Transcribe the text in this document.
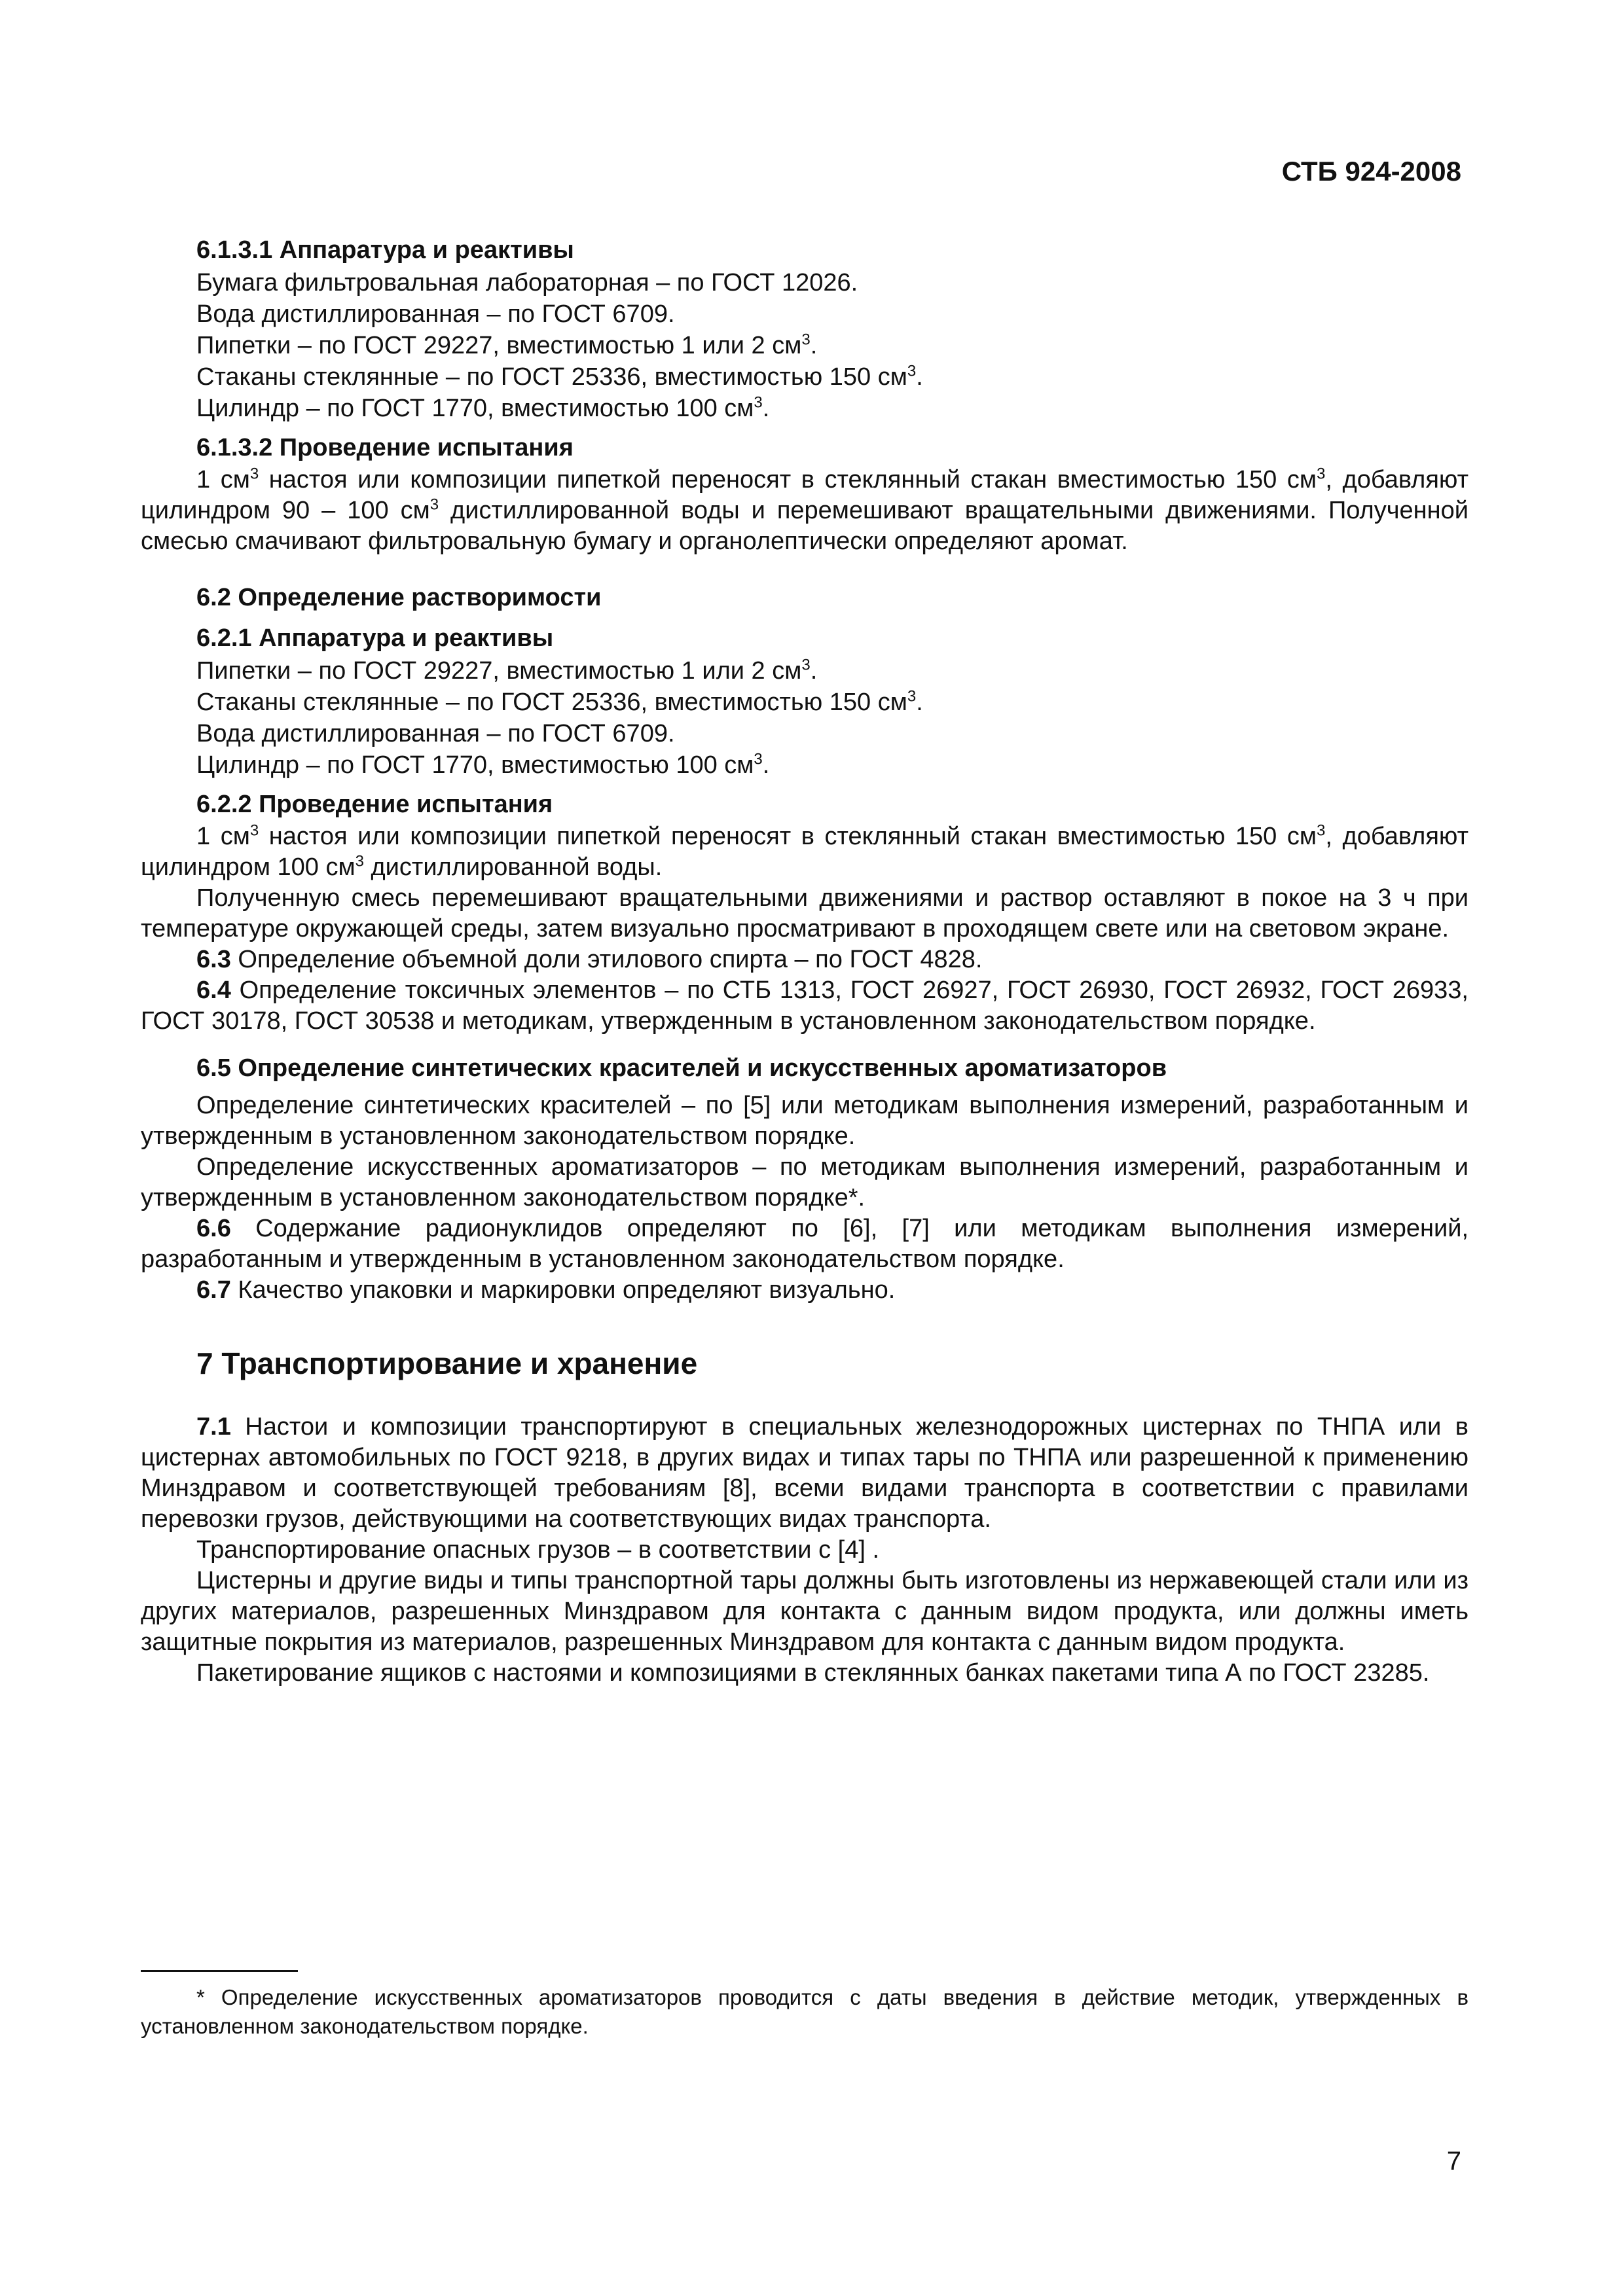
СТБ 924-2008
6.1.3.1 Аппаратура и реактивы
Бумага фильтровальная лабораторная – по ГОСТ 12026.
Вода дистиллированная – по ГОСТ 6709.
Пипетки – по ГОСТ 29227, вместимостью 1 или 2 $см^3$.
Стаканы стеклянные – по ГОСТ 25336, вместимостью 150 $см^3$.
Цилиндр – по ГОСТ 1770, вместимостью 100 $см^3$.
6.1.3.2 Проведение испытания
1 $см^3$ настоя или композиции пипеткой переносят в стеклянный стакан вместимостью 150 $см^3$, добавляют цилиндром 90 – 100 $см^3$ дистиллированной воды и перемешивают вращательными движениями. Полученной смесью смачивают фильтровальную бумагу и органолептически определяют аромат.
6.2 Определение растворимости
6.2.1 Аппаратура и реактивы
Пипетки – по ГОСТ 29227, вместимостью 1 или 2 $см^3$.
Стаканы стеклянные – по ГОСТ 25336, вместимостью 150 $см^3$.
Вода дистиллированная – по ГОСТ 6709.
Цилиндр – по ГОСТ 1770, вместимостью 100 $см^3$.
6.2.2 Проведение испытания
1 $см^3$ настоя или композиции пипеткой переносят в стеклянный стакан вместимостью 150 $см^3$, добавляют цилиндром 100 $см^3$ дистиллированной воды.
Полученную смесь перемешивают вращательными движениями и раствор оставляют в покое на 3 ч при температуре окружающей среды, затем визуально просматривают в проходящем свете или на световом экране.
6.3 Определение объемной доли этилового спирта – по ГОСТ 4828.
6.4 Определение токсичных элементов – по СТБ 1313, ГОСТ 26927, ГОСТ 26930, ГОСТ 26932, ГОСТ 26933, ГОСТ 30178, ГОСТ 30538 и методикам, утвержденным в установленном законодательством порядке.
6.5 Определение синтетических красителей и искусственных ароматизаторов
Определение синтетических красителей – по [5] или методикам выполнения измерений, разработанным и утвержденным в установленном законодательством порядке.
Определение искусственных ароматизаторов – по методикам выполнения измерений, разработанным и утвержденным в установленном законодательством порядке*.
6.6 Содержание радионуклидов определяют по [6], [7] или методикам выполнения измерений, разработанным и утвержденным в установленном законодательством порядке.
6.7 Качество упаковки и маркировки определяют визуально.
7 Транспортирование и хранение
7.1 Настои и композиции транспортируют в специальных железнодорожных цистернах по ТНПА или в цистернах автомобильных по ГОСТ 9218, в других видах и типах тары по ТНПА или разрешенной к применению Минздравом и соответствующей требованиям [8], всеми видами транспорта в соответствии с правилами перевозки грузов, действующими на соответствующих видах транспорта.
Транспортирование опасных грузов – в соответствии с [4] .
Цистерны и другие виды и типы транспортной тары должны быть изготовлены из нержавеющей стали или из других материалов, разрешенных Минздравом для контакта с данным видом продукта, или должны иметь защитные покрытия из материалов, разрешенных Минздравом для контакта с данным видом продукта.
Пакетирование ящиков с настоями и композициями в стеклянных банках пакетами типа А по ГОСТ 23285.
* Определение искусственных ароматизаторов проводится с даты введения в действие методик, утвержденных в установленном законодательством порядке.
7
